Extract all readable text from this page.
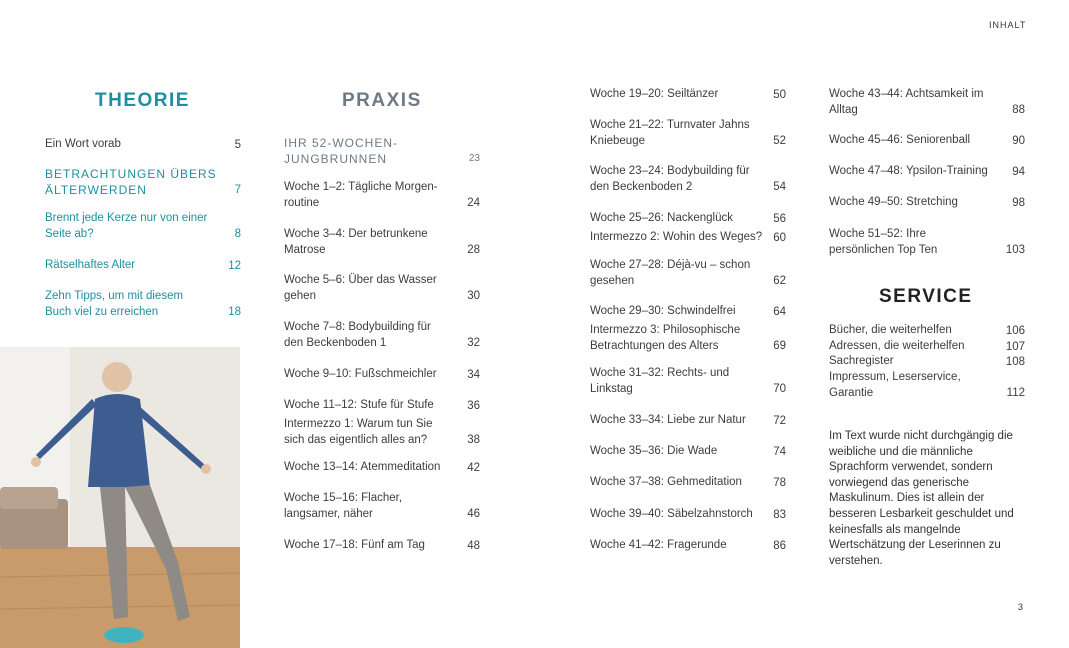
INHALT
THEORIE
Ein Wort vorab	5
BETRACHTUNGEN ÜBERS ÄLTERWERDEN	7
Brennt jede Kerze nur von einer Seite ab?	8
Rätselhaftes Alter	12
Zehn Tipps, um mit diesem Buch viel zu erreichen	18
PRAXIS
IHR 52-WOCHEN-JUNGBRUNNEN	23
Woche 1–2: Tägliche Morgen-routine	24
Woche 3–4: Der betrunkene Matrose	28
Woche 5–6: Über das Wasser gehen	30
Woche 7–8: Bodybuilding für den Beckenboden 1	32
Woche 9–10: Fußschmeichler	34
Woche 11–12: Stufe für Stufe	36
Intermezzo 1: Warum tun Sie sich das eigentlich alles an?	38
Woche 13–14: Atemmeditation 42
Woche 15–16: Flacher, langsamer, näher	46
Woche 17–18: Fünf am Tag	48
Woche 19–20: Seiltänzer	50
Woche 21–22: Turnvater Jahns Kniebeuge	52
Woche 23–24: Bodybuilding für den Beckenboden 2	54
Woche 25–26: Nackenglück	56
Intermezzo 2: Wohin des Weges? 60
Woche 27–28: Déjà-vu – schon gesehen	62
Woche 29–30: Schwindelfrei	64
Intermezzo 3: Philosophische Betrachtungen des Alters	69
Woche 31–32: Rechts- und Linkstag	70
Woche 33–34: Liebe zur Natur 72
Woche 35–36: Die Wade	74
Woche 37–38: Gehmeditation	78
Woche 39–40: Säbelzahnstorch 83
Woche 41–42: Fragerunde	86
Woche 43–44: Achtsamkeit im Alltag	88
Woche 45–46: Seniorenball	90
Woche 47–48: Ypsilon-Training 94
Woche 49–50: Stretching	98
Woche 51–52: Ihre persönlichen Top Ten	103
SERVICE
Bücher, die weiterhelfen	106
Adressen, die weiterhelfen	107
Sachregister	108
Impressum, Leserservice, Garantie	112
Im Text wurde nicht durchgängig die weibliche und die männliche Sprachform verwendet, sondern vorwiegend das generische Maskulinum. Dies ist allein der besseren Lesbarkeit geschuldet und keinesfalls als mangelnde Wertschätzung der Leserinnen zu verstehen.
3
